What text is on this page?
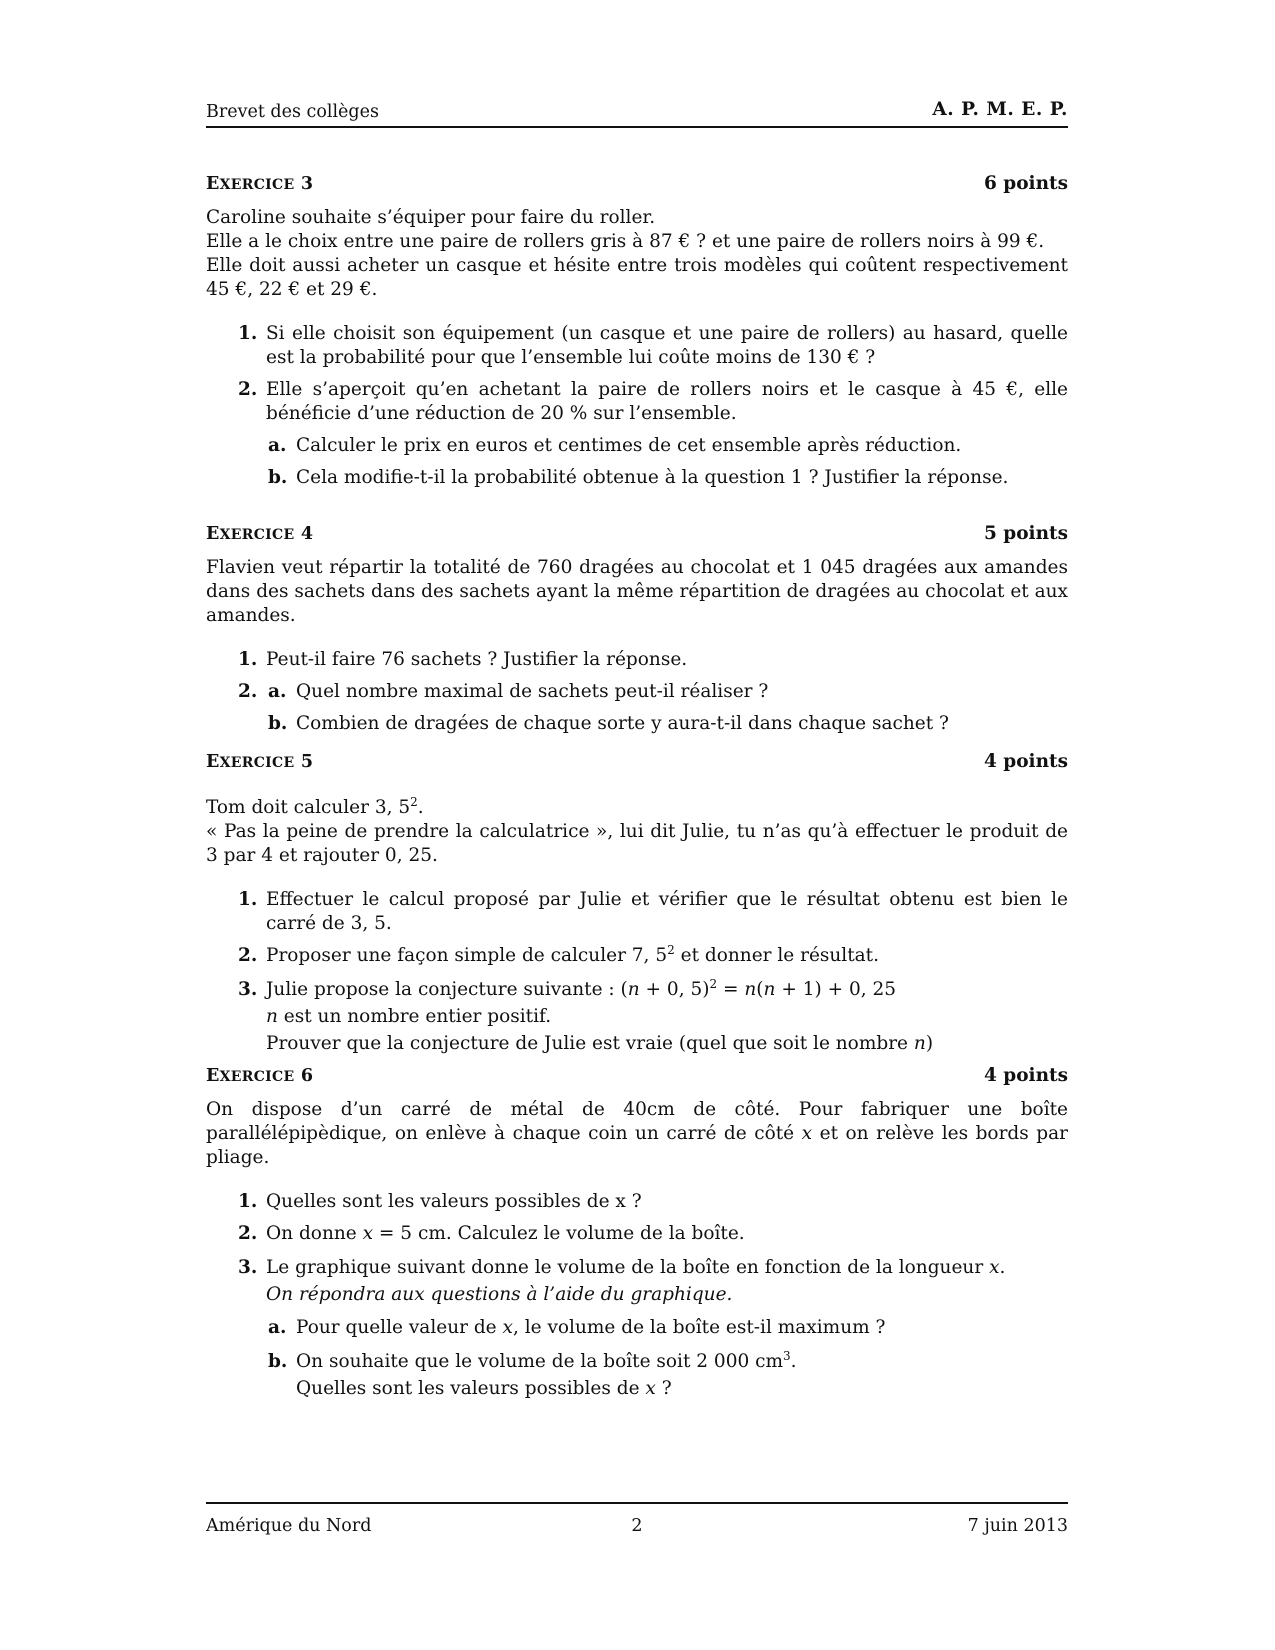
Brevet des collèges	A. P. M. E. P.
EXERCICE 3	6 points

Caroline souhaite s’équiper pour faire du roller.

Elle a le choix entre une paire de rollers gris à 87 € ? et une paire de rollers noirs à 99 €.

Elle doit aussi acheter un casque et hésite entre trois modèles qui coûtent respectivement 45 €, 22 € et 29 €.

1. Si elle choisit son équipement (un casque et une paire de rollers) au hasard, quelle est la probabilité pour que l’ensemble lui coûte moins de 130 € ?
2. Elle s’aperçoit qu’en achetant la paire de rollers noirs et le casque à 45 €, elle bénéficie d’une réduction de 20 % sur l’ensemble.
a. Calculer le prix en euros et centimes de cet ensemble après réduction.
b. Cela modifie-t-il la probabilité obtenue à la question 1 ? Justifier la réponse.
EXERCICE 4	5 points

Flavien veut répartir la totalité de 760 dragées au chocolat et 1 045 dragées aux amandes dans des sachets dans des sachets ayant la même répartition de dragées au chocolat et aux amandes.

1. Peut-il faire 76 sachets ? Justifier la réponse.
2. a. Quel nombre maximal de sachets peut-il réaliser ?
b. Combien de dragées de chaque sorte y aura-t-il dans chaque sachet ?
EXERCICE 5	4 points

Tom doit calculer 3, $5^2$.

« Pas la peine de prendre la calculatrice », lui dit Julie, tu n’as qu’à effectuer le produit de 3 par 4 et rajouter 0, 25.

1. Effectuer le calcul proposé par Julie et vérifier que le résultat obtenu est bien le carré de 3, 5.
2. Proposer une façon simple de calculer 7, $5^2$ et donner le résultat.
3. Julie propose la conjecture suivante : (n + 0, 5)$^2$ = n(n + 1) + 0, 25
n est un nombre entier positif.
Prouver que la conjecture de Julie est vraie (quel que soit le nombre n)
EXERCICE 6	4 points

On dispose d’un carré de métal de 40cm de côté. Pour fabriquer une boîte parallélépipèdique, on enlève à chaque coin un carré de côté x et on relève les bords par pliage.

1. Quelles sont les valeurs possibles de x ?
2. On donne x = 5 cm. Calculez le volume de la boîte.
3. Le graphique suivant donne le volume de la boîte en fonction de la longueur x.
On répondra aux questions à l’aide du graphique.
a. Pour quelle valeur de x, le volume de la boîte est-il maximum ?
b. On souhaite que le volume de la boîte soit 2 000 $cm^3$.
Quelles sont les valeurs possibles de x ?
Amérique du Nord	2	7 juin 2013
